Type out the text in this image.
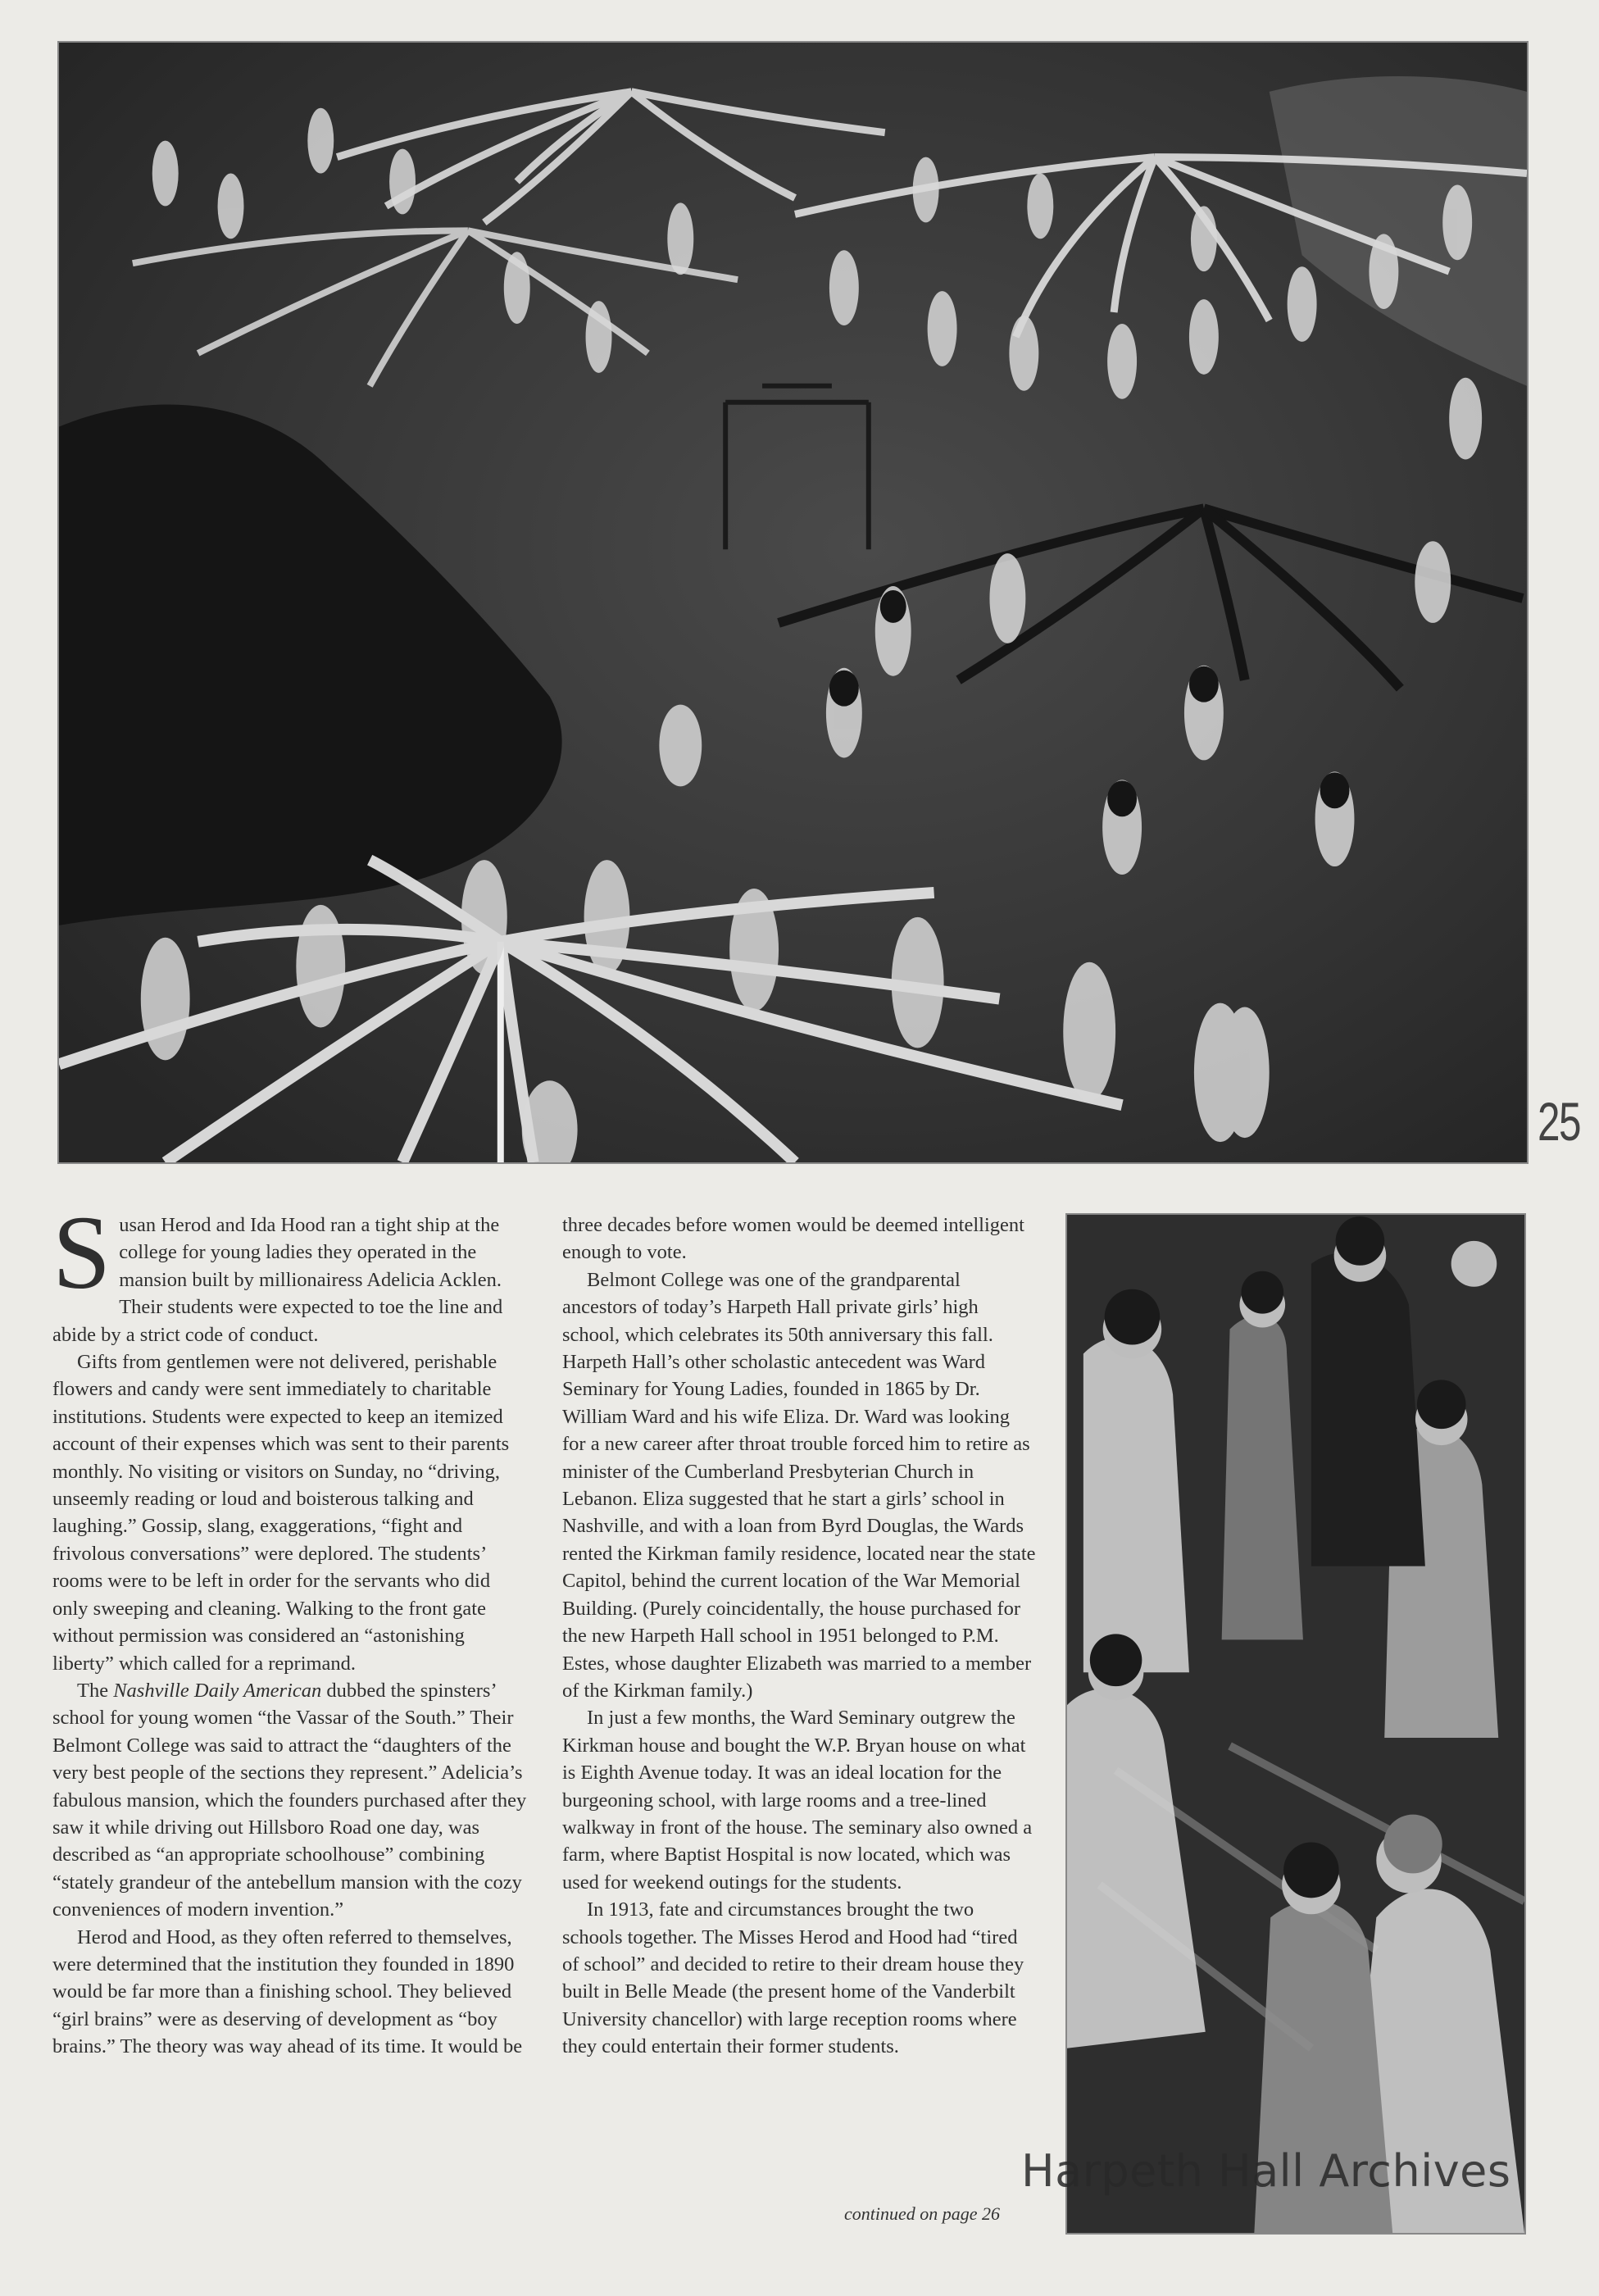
25

Susan Herod and Ida Hood ran a tight ship at the college for young ladies they operated in the mansion built by millionairess Adelicia Acklen. Their students were expected to toe the line and abide by a strict code of conduct.

Gifts from gentlemen were not delivered, perishable flowers and candy were sent immediately to charitable institutions. Students were expected to keep an itemized account of their expenses which was sent to their parents monthly. No visiting or visitors on Sunday, no “driving, unseemly reading or loud and boisterous talking and laughing.” Gossip, slang, exaggerations, “fight and frivolous conversations” were deplored. The students’ rooms were to be left in order for the servants who did only sweeping and cleaning. Walking to the front gate without permission was considered an “astonishing liberty” which called for a reprimand.

The Nashville Daily American dubbed the spinsters’ school for young women “the Vassar of the South.” Their Belmont College was said to attract the “daughters of the very best people of the sections they represent.” Adelicia’s fabulous mansion, which the founders purchased after they saw it while driving out Hillsboro Road one day, was described as “an appropriate schoolhouse” combining “stately grandeur of the antebellum mansion with the cozy conveniences of modern invention.”

Herod and Hood, as they often referred to themselves, were determined that the institution they founded in 1890 would be far more than a finishing school. They believed “girl brains” were as deserving of development as “boy brains.” The theory was way ahead of its time. It would be

three decades before women would be deemed intelligent enough to vote.

Belmont College was one of the grandparental ancestors of today’s Harpeth Hall private girls’ high school, which celebrates its 50th anniversary this fall. Harpeth Hall’s other scholastic antecedent was Ward Seminary for Young Ladies, founded in 1865 by Dr. William Ward and his wife Eliza. Dr. Ward was looking for a new career after throat trouble forced him to retire as minister of the Cumberland Presbyterian Church in Lebanon. Eliza suggested that he start a girls’ school in Nashville, and with a loan from Byrd Douglas, the Wards rented the Kirkman family residence, located near the state Capitol, behind the current location of the War Memorial Building. (Purely coincidentally, the house purchased for the new Harpeth Hall school in 1951 belonged to P.M. Estes, whose daughter Elizabeth was married to a member of the Kirkman family.)

In just a few months, the Ward Seminary outgrew the Kirkman house and bought the W.P. Bryan house on what is Eighth Avenue today. It was an ideal location for the burgeoning school, with large rooms and a tree-lined walkway in front of the house. The seminary also owned a farm, where Baptist Hospital is now located, which was used for weekend outings for the students.

In 1913, fate and circumstances brought the two schools together. The Misses Herod and Hood had “tired of school” and decided to retire to their dream house they built in Belle Meade (the present home of the Vanderbilt University chancellor) with large reception rooms where they could entertain their former students.

continued on page 26
Harpeth Hall Archives
